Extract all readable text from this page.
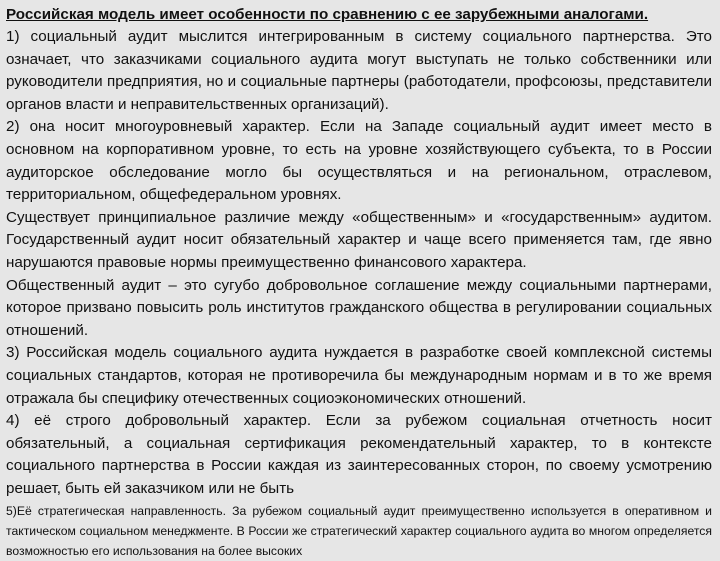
Российская модель имеет особенности по сравнению с ее зарубежными аналогами.
1) социальный аудит мыслится интегрированным в систему социального партнерства. Это означает, что заказчиками социального аудита могут выступать не только собственники или руководители предприятия, но и социальные партнеры (работодатели, профсоюзы, представители органов власти и неправительственных организаций).
2) она носит многоуровневый характер. Если на Западе социальный аудит имеет место в основном на корпоративном уровне, то есть на уровне хозяйствующего субъекта, то в России аудиторское обследование могло бы осуществляться и на региональном, отраслевом, территориальном, общефедеральном уровнях.
Существует принципиальное различие между «общественным» и «государственным» аудитом. Государственный аудит носит обязательный характер и чаще всего применяется там, где явно нарушаются правовые нормы преимущественно финансового характера.
Общественный аудит – это сугубо добровольное соглашение между социальными партнерами, которое призвано повысить роль институтов гражданского общества в регулировании социальных отношений.
3) Российская модель социального аудита нуждается в разработке своей комплексной системы социальных стандартов, которая не противоречила бы международным нормам и в то же время отражала бы специфику отечественных социоэкономических отношений.
4) её строго добровольный характер. Если за рубежом социальная отчетность носит обязательный, а социальная сертификация рекомендательный характер, то в контексте социального партнерства в России каждая из заинтересованных сторон, по своему усмотрению решает, быть ей заказчиком или не быть
5)Её стратегическая направленность. За рубежом социальный аудит преимущественно используется в оперативном и тактическом социальном менеджменте. В России же стратегический характер социального аудита во многом определяется возможностью его использования на более высоких
